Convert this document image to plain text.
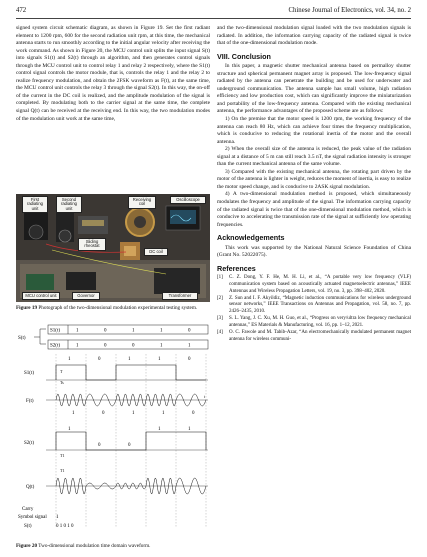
472	Chinese Journal of Electronics, vol. 34, no. 2

signed system circuit schematic diagram, as shown in Figure 19. Set the first radiant element to 1200 rpm, 600 for the second radiation unit rpm, at this time, the mechanical antenna starts to run smoothly according to the initial angular velocity after receiving the work command. As shown in Figure 20, the MCU control unit splits the input signal S(t) into signals S1(t) and S2(t) through an algorithm, and then generates control signals through the MCU control unit to control relay 1 and relay 2 respectively, where the S1(t) control signal controls the motor module, that is, controls the relay 1 and the relay 2 to realize frequency modulation, and obtain the 2FSK waveform as F(t), at the same time, the MCU control unit controls the relay 3 through the signal S2(t). In this way, the on-off of the current in the DC coil is realized, and the amplitude modulation of the signal is completed. By modulating both to the carrier signal at the same time, the complete signal Q(t) can be received at the receiving end. In this way, the two modulation modes of the modulation unit work at the same time,

First radiating unit
Second radiating unit
Receiving coil
Oscilloscope
Sliding rheostat
DC coil
MCU control unit	Governor	Transformer
Figure 19 Photograph of the two-dimensional modulation experimental testing system.
S1(t)	1	0	1	1	0
S2(t)	1	0	0	1	1
S(t)
1	0	1	1	0
S1(t)	T
Ts
F(t)
1	0	1	1	0
t
S2(t)
1
0	0
1	1
T1
Q(t)
T1
Carry
Symbol signal 1
S(t)	0 1 0 1 0
Figure 20 Two-dimensional modulation time domain waveform.

and the two-dimensional modulation signal loaded with the two modulation signals is radiated. In addition, the information carrying capacity of the radiated signal is twice that of the one-dimensional modulation mode.

VIII. Conclusion

In this paper, a magnetic shutter mechanical antenna based on permalloy shutter structure and spherical permanent magnet array is proposed. The low-frequency signal radiated by the antenna can penetrate the building and be used for underwater and underground communication. The antenna sample has small volume, high radiation efficiency and low production cost, which can significantly improve the miniaturization and portability of the low-frequency antenna. Compared with the existing mechanical antenna, the performance advantages of the proposed scheme are as follows:

1) On the premise that the motor speed is 1200 rpm, the working frequency of the antenna can reach 80 Hz, which can achieve four times the frequency multiplication, which is conducive to reducing the rotational inertia of the motor and the overall antenna.

2) When the overall size of the antenna is reduced, the peak value of the radiation signal at a distance of 5 m can still reach 3.5 nT, the signal radiation intensity is stronger than the current mechanical antenna of the same volume.

3) Compared with the existing mechanical antenna, the rotating part driven by the motor of the antenna is lighter in weight, reduces the moment of inertia, is easy to realize the motor speed change, and is conducive to 2ASK signal modulation.

4) A two-dimensional modulation method is proposed, which simultaneously modulates the frequency and amplitude of the signal. The information carrying capacity of the radiated signal is twice that of the one-dimensional modulation method, which is conducive to accelerating the transmission rate of the signal at sufficiently low operating frequencies.

Acknowledgements

This work was supported by the National Natural Science Foundation of China (Grant No. 52022075).

References
[1] C. Z. Dong, Y. F. He, M. H. Li, et al., “A portable very low frequency (VLF) communication system based on acoustically actuated magnetoelectric antennas,” IEEE Antennas and Wireless Propagation Letters, vol. 19, no. 3, pp. 398–402, 2020.
[2] Z. Sun and I. F. Akyildiz, “Magnetic induction communications for wireless underground sensor networks,” IEEE Transactions on Antennas and Propagation, vol. 58, no. 7, pp. 2426–2435, 2010.
[3] S. L. Yang, J. C. Xu, M. H. Guo, et al., “Progress on very/ultra low frequency mechanical antennas,” ES Materials & Manufacturing, vol. 16, pp. 1–12, 2021.
[4] O. C. Fawole and M. Tabib-Azar, “An electromechanically modulated permanent magnet antenna for wireless communi-
